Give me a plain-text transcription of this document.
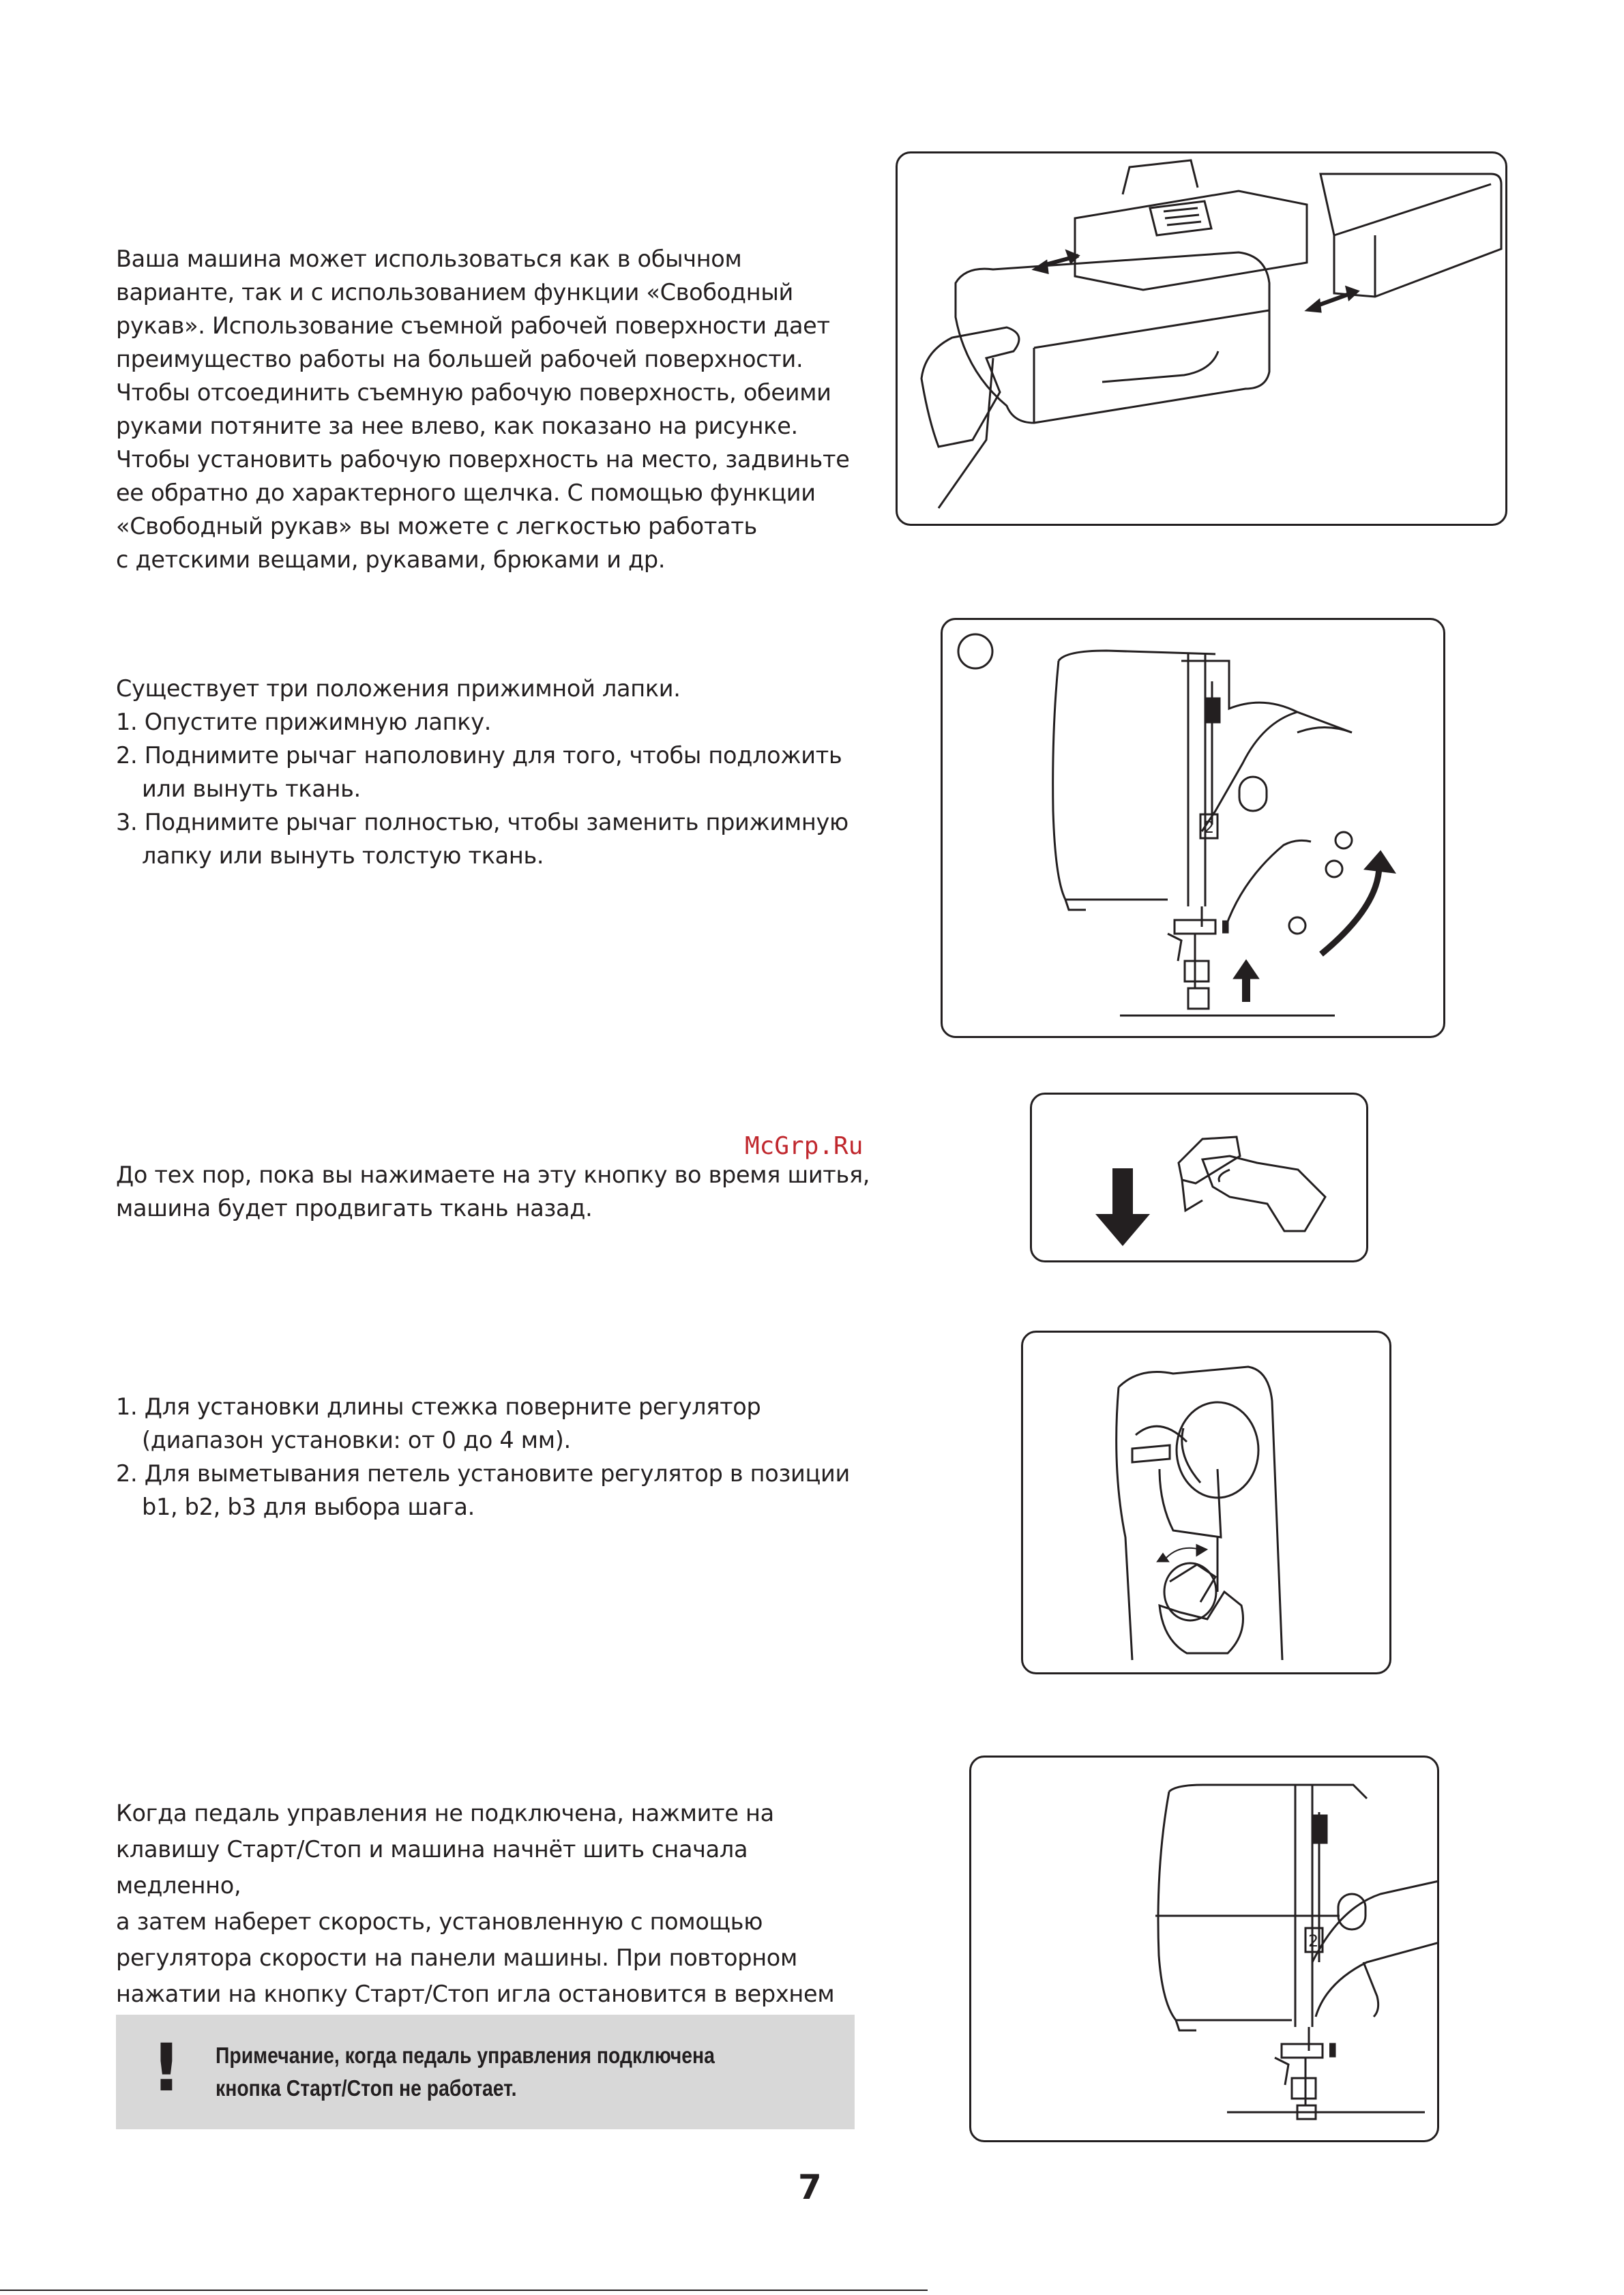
Ваша машина может использоваться как в обычном

варианте, так и с использованием функции «Свободный

рукав». Использование съемной рабочей поверхности дает

преимущество работы на большей рабочей поверхности.

Чтобы отсоединить съемную рабочую поверхность, обеими

руками потяните за нее влево, как показано на рисунке.

Чтобы установить рабочую поверхность на место, задвиньте

ее обратно до характерного щелчка. С помощью функции

«Свободный рукав» вы можете с легкостью работать

с детскими вещами, рукавами, брюками и др.

Существует три положения прижимной лапки.

1. Опустите прижимную лапку.

2. Поднимите рычаг наполовину для того, чтобы подложить

или вынуть ткань.

3. Поднимите рычаг полностью, чтобы заменить прижимную

лапку или вынуть толстую ткань.

2
McGrp.Ru

До тех пор, пока вы нажимаете на эту кнопку во время шитья,

машина будет продвигать ткань назад.

1. Для установки длины стежка поверните регулятор

(диапазон установки: от 0 до 4 мм).

2. Для выметывания петель установите регулятор в позиции

b1, b2, b3 для выбора шага.

Когда педаль управления не подключена, нажмите на

клавишу Старт/Стоп и машина начнёт шить сначала медленно,

а затем наберет скорость, установленную с помощью

регулятора скорости на панели машины. При повторном

нажатии на кнопку Старт/Стоп игла остановится в верхнем

! Примечание, когда педаль управления подключена
кнопка Старт/Стоп не работает.
2
7
